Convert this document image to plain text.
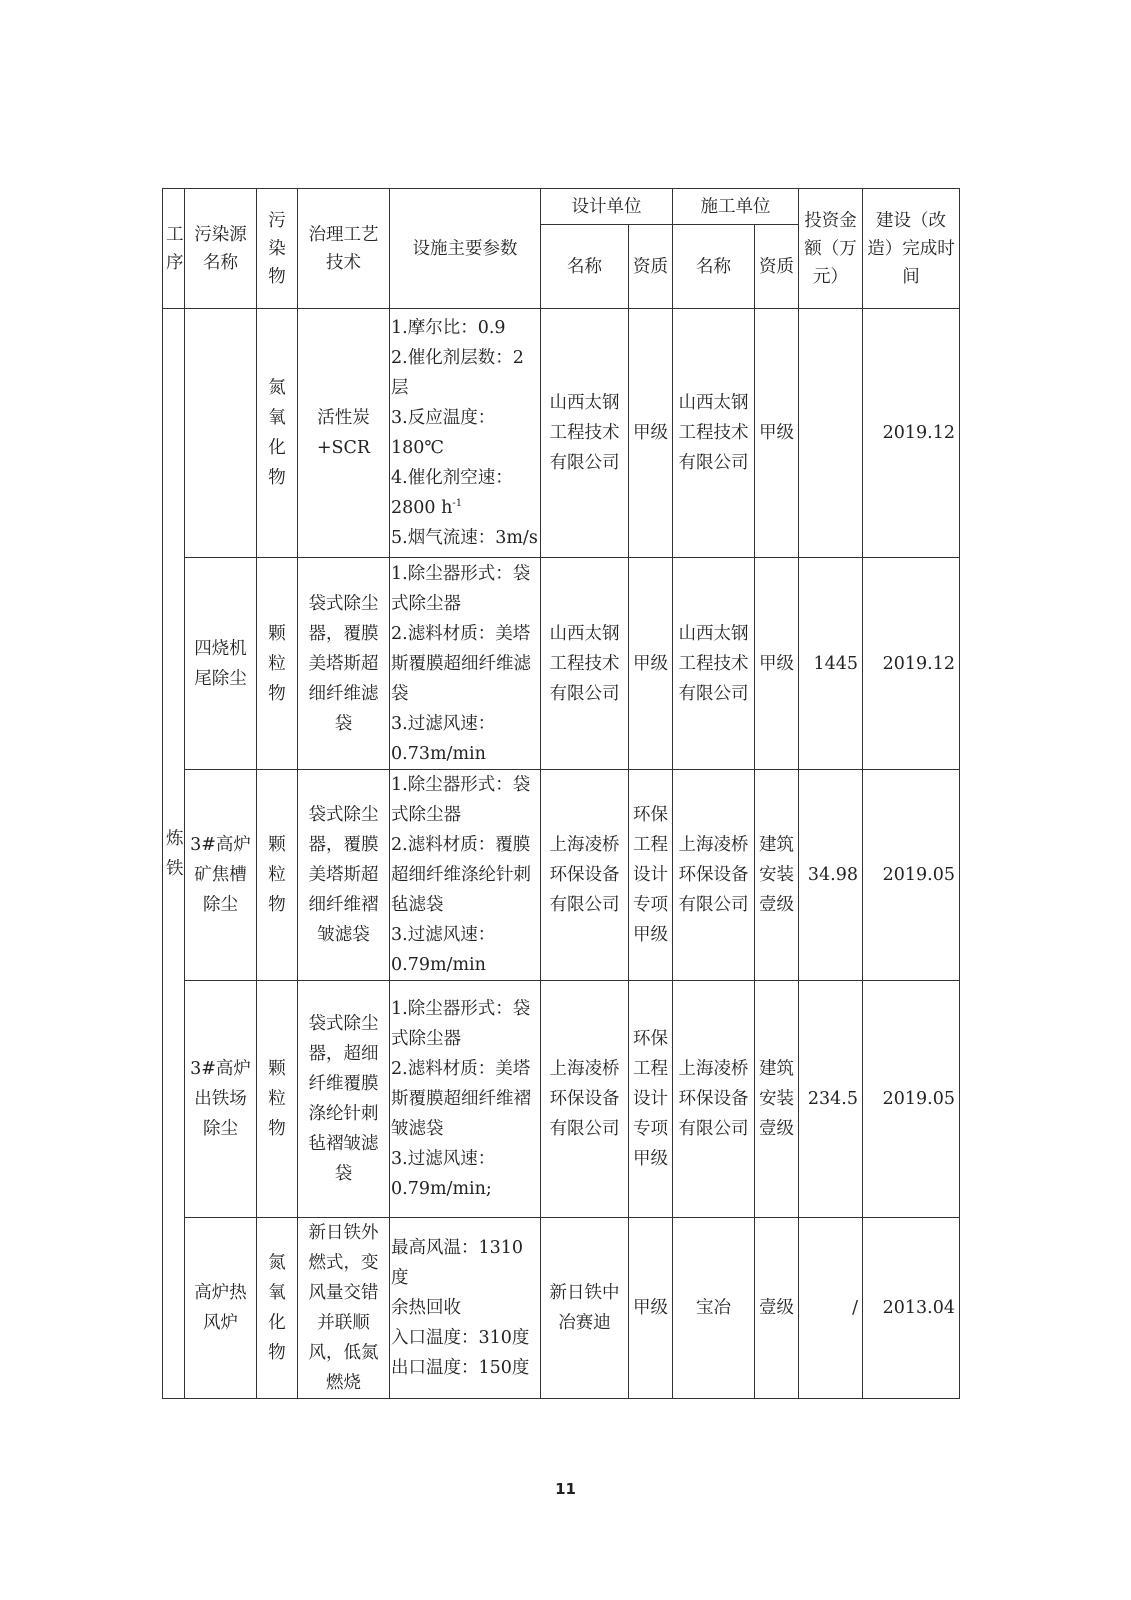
工序	污染源名称	污染物	治理工艺技术	设施主要参数	设计单位		施工单位		投资金额（万元）	建设（改造）完成时间
					名称	资质	名称	资质		
炼铁		氮氧化物	活性炭+SCR	1.摩尔比：0.9
2.催化剂层数：2层
3.反应温度：180℃
4.催化剂空速：2800 $h^{-1}$
5.烟气流速：3m/s	山西太钢工程技术有限公司	甲级	山西太钢工程技术有限公司	甲级		2019.12
	四烧机尾除尘	颗粒物	袋式除尘器，覆膜美塔斯超细纤维滤袋	1.除尘器形式：袋式除尘器
2.滤料材质：美塔斯覆膜超细纤维滤袋
3.过滤风速：0.73m/min	山西太钢工程技术有限公司	甲级	山西太钢工程技术有限公司	甲级	1445	2019.12
	3#高炉矿焦槽除尘	颗粒物	袋式除尘器，覆膜美塔斯超细纤维褶皱滤袋	1.除尘器形式：袋式除尘器
2.滤料材质：覆膜超细纤维涤纶针刺毡滤袋
3.过滤风速：0.79m/min	上海凌桥环保设备有限公司	环保工程设计专项甲级	上海凌桥环保设备有限公司	建筑安装壹级	34.98	2019.05
	3#高炉出铁场除尘	颗粒物	袋式除尘器，超细纤维覆膜涤纶针刺毡褶皱滤袋	1.除尘器形式：袋式除尘器
2.滤料材质：美塔斯覆膜超细纤维褶皱滤袋
3.过滤风速：0.79m/min;	上海凌桥环保设备有限公司	环保工程设计专项甲级	上海凌桥环保设备有限公司	建筑安装壹级	234.5	2019.05
	高炉热风炉	氮氧化物	新日铁外燃式，变风量交错并联顺风，低氮燃烧	最高风温：1310度
余热回收
入口温度：310度
出口温度：150度	新日铁中冶赛迪	甲级	宝冶	壹级	/	2013.04
11
